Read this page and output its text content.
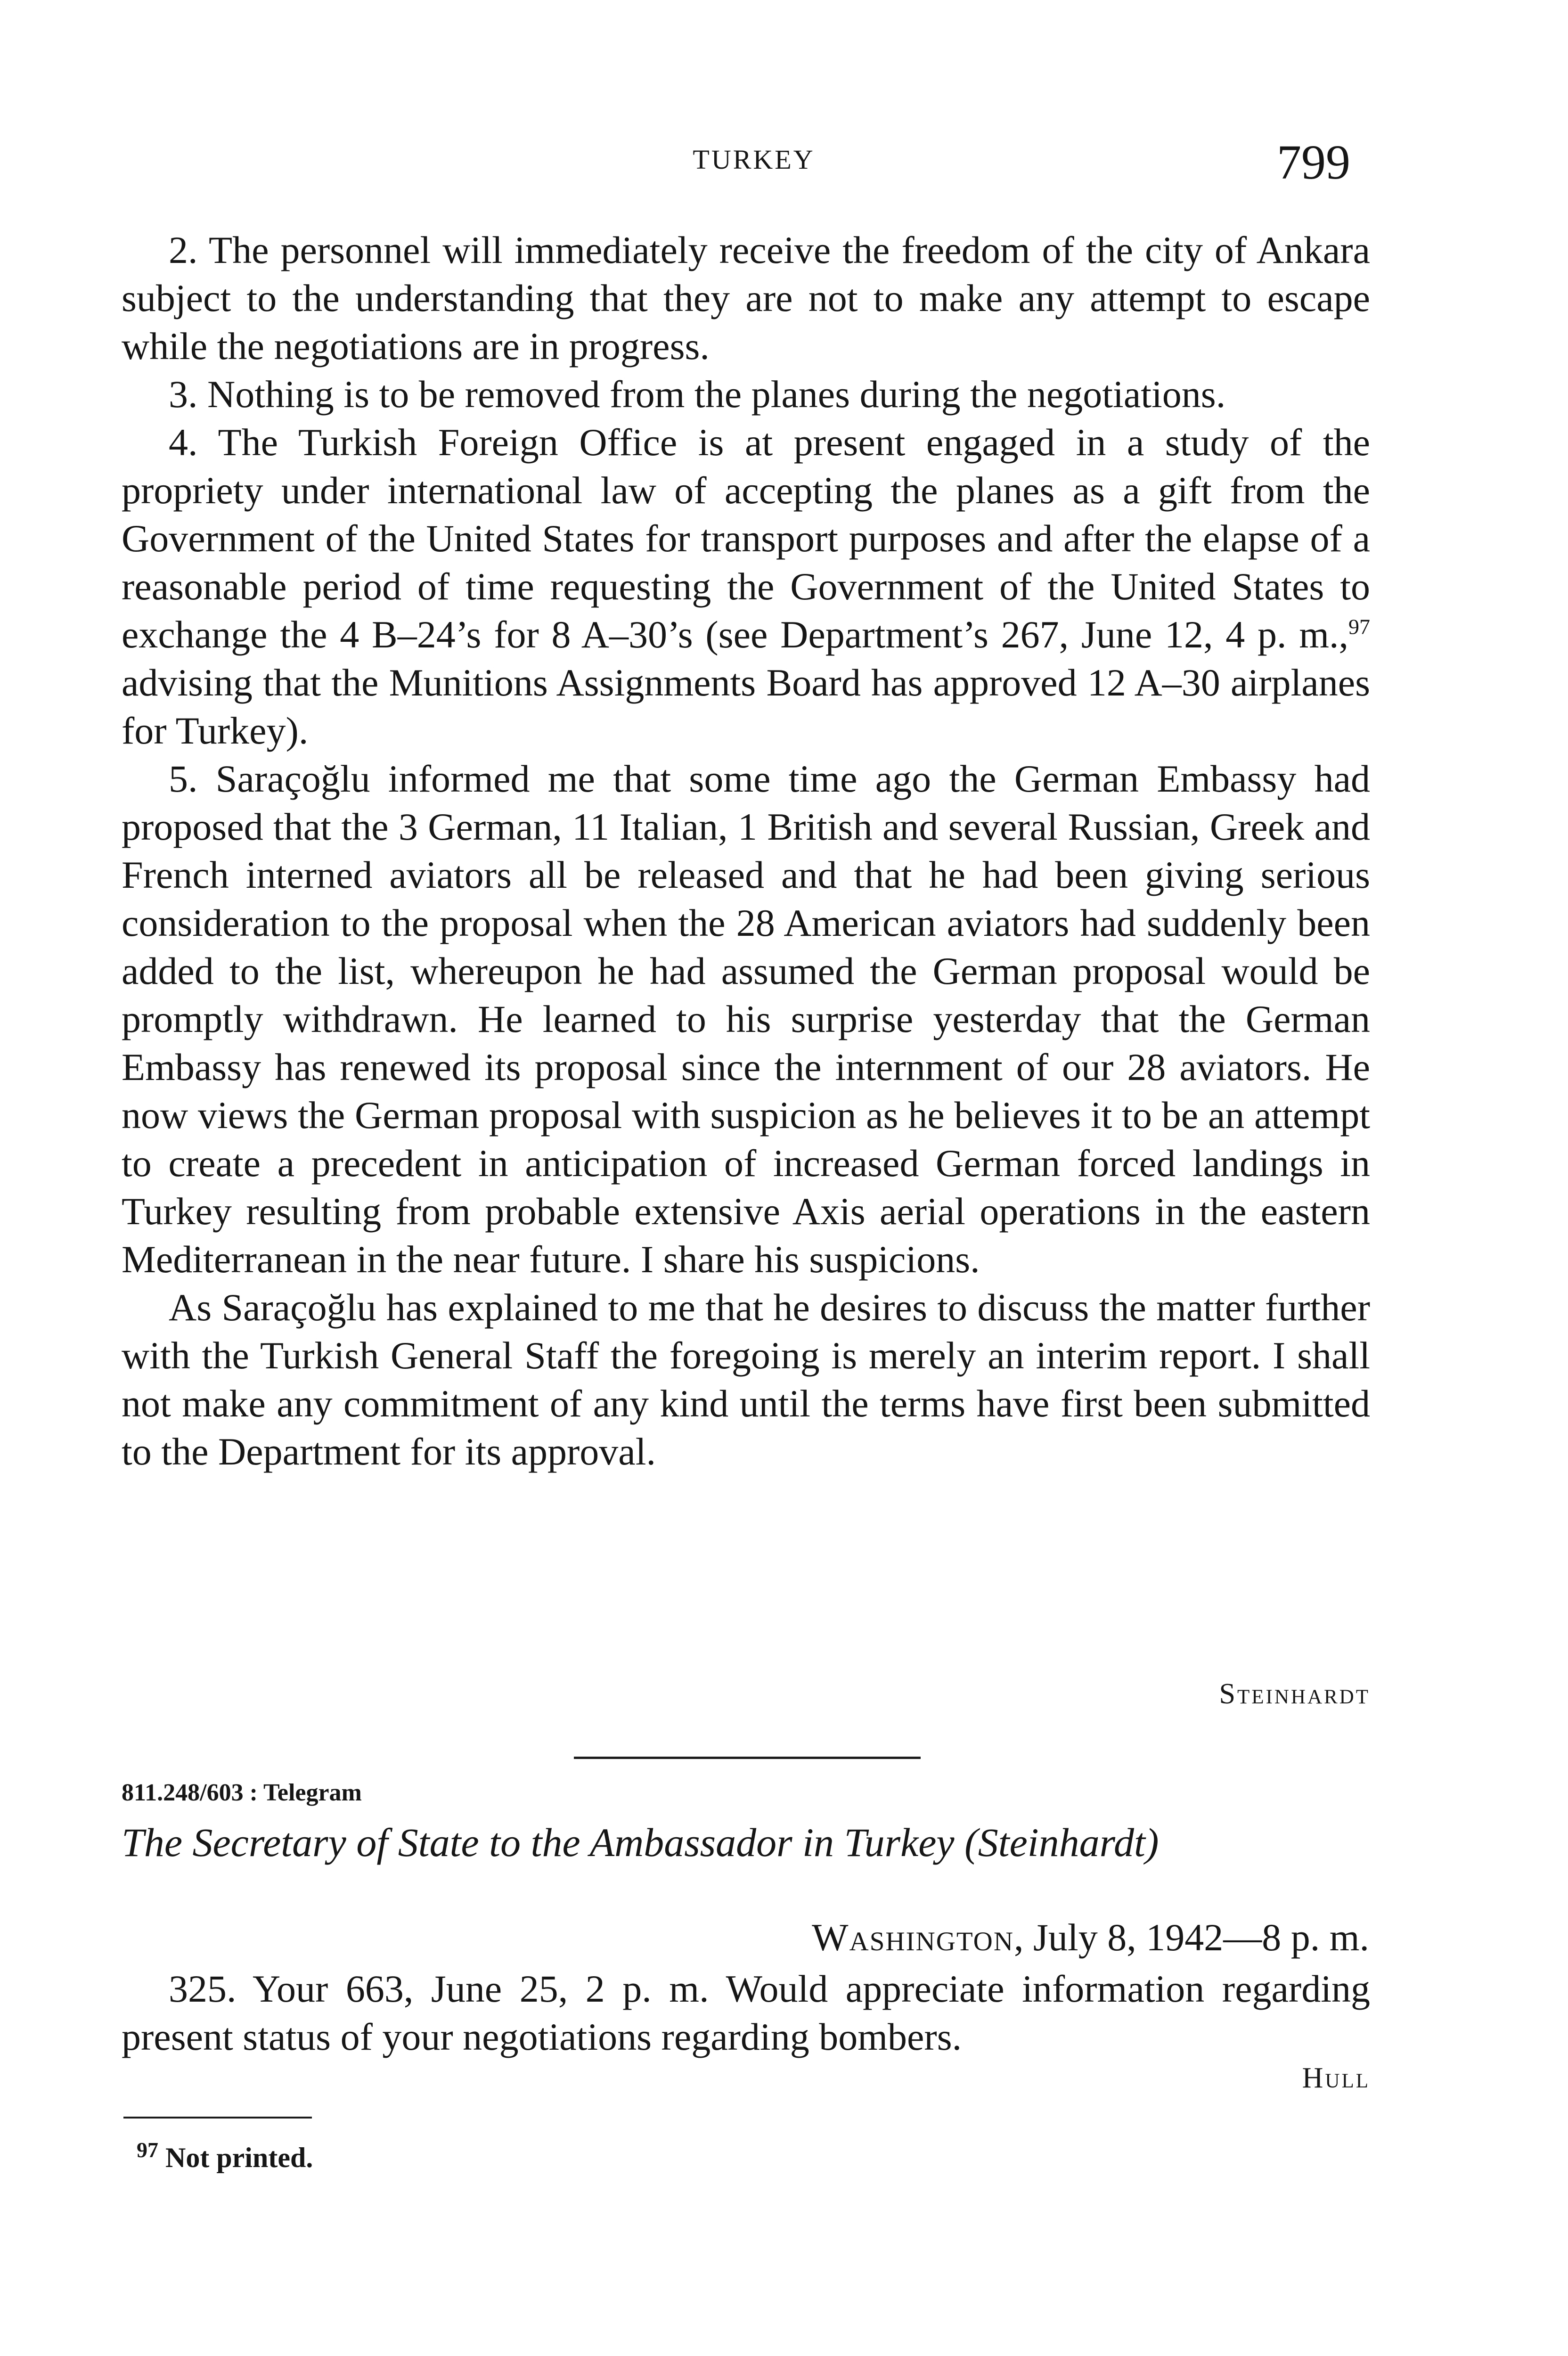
TURKEY	799

2. The personnel will immediately receive the freedom of the city of Ankara subject to the understanding that they are not to make any attempt to escape while the negotiations are in progress.

3. Nothing is to be removed from the planes during the negotiations.

4. The Turkish Foreign Office is at present engaged in a study of the propriety under international law of accepting the planes as a gift from the Government of the United States for transport purposes and after the elapse of a reasonable period of time requesting the Government of the United States to exchange the 4 B–24’s for 8 A–30’s (see Department’s 267, June 12, 4 p. m.,$^{97}$ advising that the Munitions Assignments Board has approved 12 A–30 airplanes for Turkey).

5. Saraçoğlu informed me that some time ago the German Embassy had proposed that the 3 German, 11 Italian, 1 British and several Russian, Greek and French interned aviators all be released and that he had been giving serious consideration to the proposal when the 28 American aviators had suddenly been added to the list, whereupon he had assumed the German proposal would be promptly withdrawn. He learned to his surprise yesterday that the German Embassy has renewed its proposal since the internment of our 28 aviators. He now views the German proposal with suspicion as he believes it to be an attempt to create a precedent in anticipation of increased German forced landings in Turkey resulting from probable extensive Axis aerial operations in the eastern Mediterranean in the near future. I share his suspicions.

As Saraçoğlu has explained to me that he desires to discuss the matter further with the Turkish General Staff the foregoing is merely an interim report. I shall not make any commitment of any kind until the terms have first been submitted to the Department for its approval.

Steinhardt
811.248/603 : Telegram
The Secretary of State to the Ambassador in Turkey (Steinhardt)
Washington, July 8, 1942—8 p. m.

325. Your 663, June 25, 2 p. m. Would appreciate information regarding present status of your negotiations regarding bombers.

Hull
$^{97}$ Not printed.
